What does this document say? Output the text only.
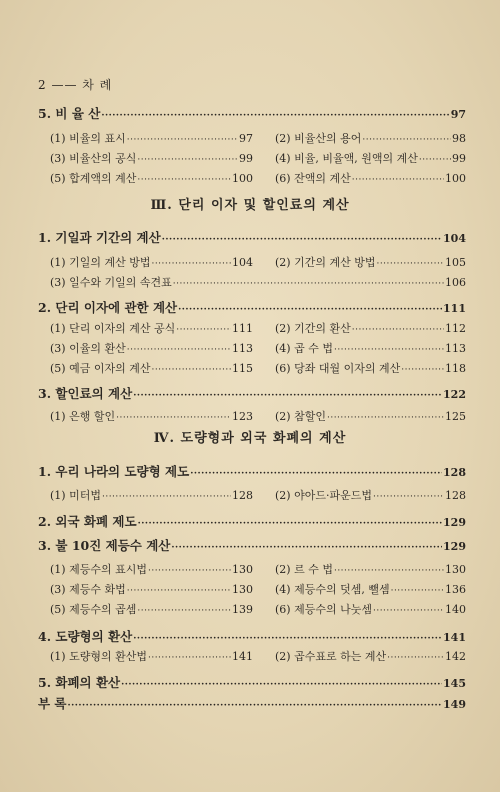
2 —— 차 례
Ⅲ. 단리 이자 및 할인료의 계산
Ⅳ. 도량형과 외국 화폐의 계산
5. 비 율 산 ·····	97
(1) 비율의 표시 ·····	97 (2) 비율산의 용어 ·····	98
(3) 비율산의 공식 ·····	99 (4) 비율, 비율액, 원액의 계산 ·····	99
(5) 합계액의 계산 ·····	100 (6) 잔액의 계산 ·····	100
1. 기일과 기간의 계산 ·····	104
(1) 기일의 계산 방법 ·····	104 (2) 기간의 계산 방법 ·····	105
(3) 일수와 기일의 속견표 ·····	106
2. 단리 이자에 관한 계산 ·····	111
(1) 단리 이자의 계산 공식 ·····	111 (2) 기간의 환산 ·····	112
(3) 이율의 환산 ·····	113 (4) 곱 수 법 ·····	113
(5) 예금 이자의 계산 ·····	115 (6) 당좌 대월 이자의 계산 ·····	118
3. 할인료의 계산 ·····	122
(1) 은행 할인 ·····	123 (2) 참할인 ·····	125
1. 우리 나라의 도량형 제도 ·····	128
(1) 미터법 ·····	128 (2) 야아드·파운드법 ·····	128
2. 외국 화폐 제도 ·····	129
3. 불 10진 제등수 계산 ·····	129
(1) 제등수의 표시법 ·····	130 (2) 르 수 법 ·····	130
(3) 제등수 화법 ·····	130 (4) 제등수의 덧셈, 뺄셈 ·····	136
(5) 제등수의 곱셈 ·····	139 (6) 제등수의 나눗셈 ·····	140
4. 도량형의 환산 ·····	141
(1) 도량형의 환산법 ·····	141 (2) 곱수표로 하는 계산 ·····	142
5. 화폐의 환산 ·····	145
부 록 ·····	149
